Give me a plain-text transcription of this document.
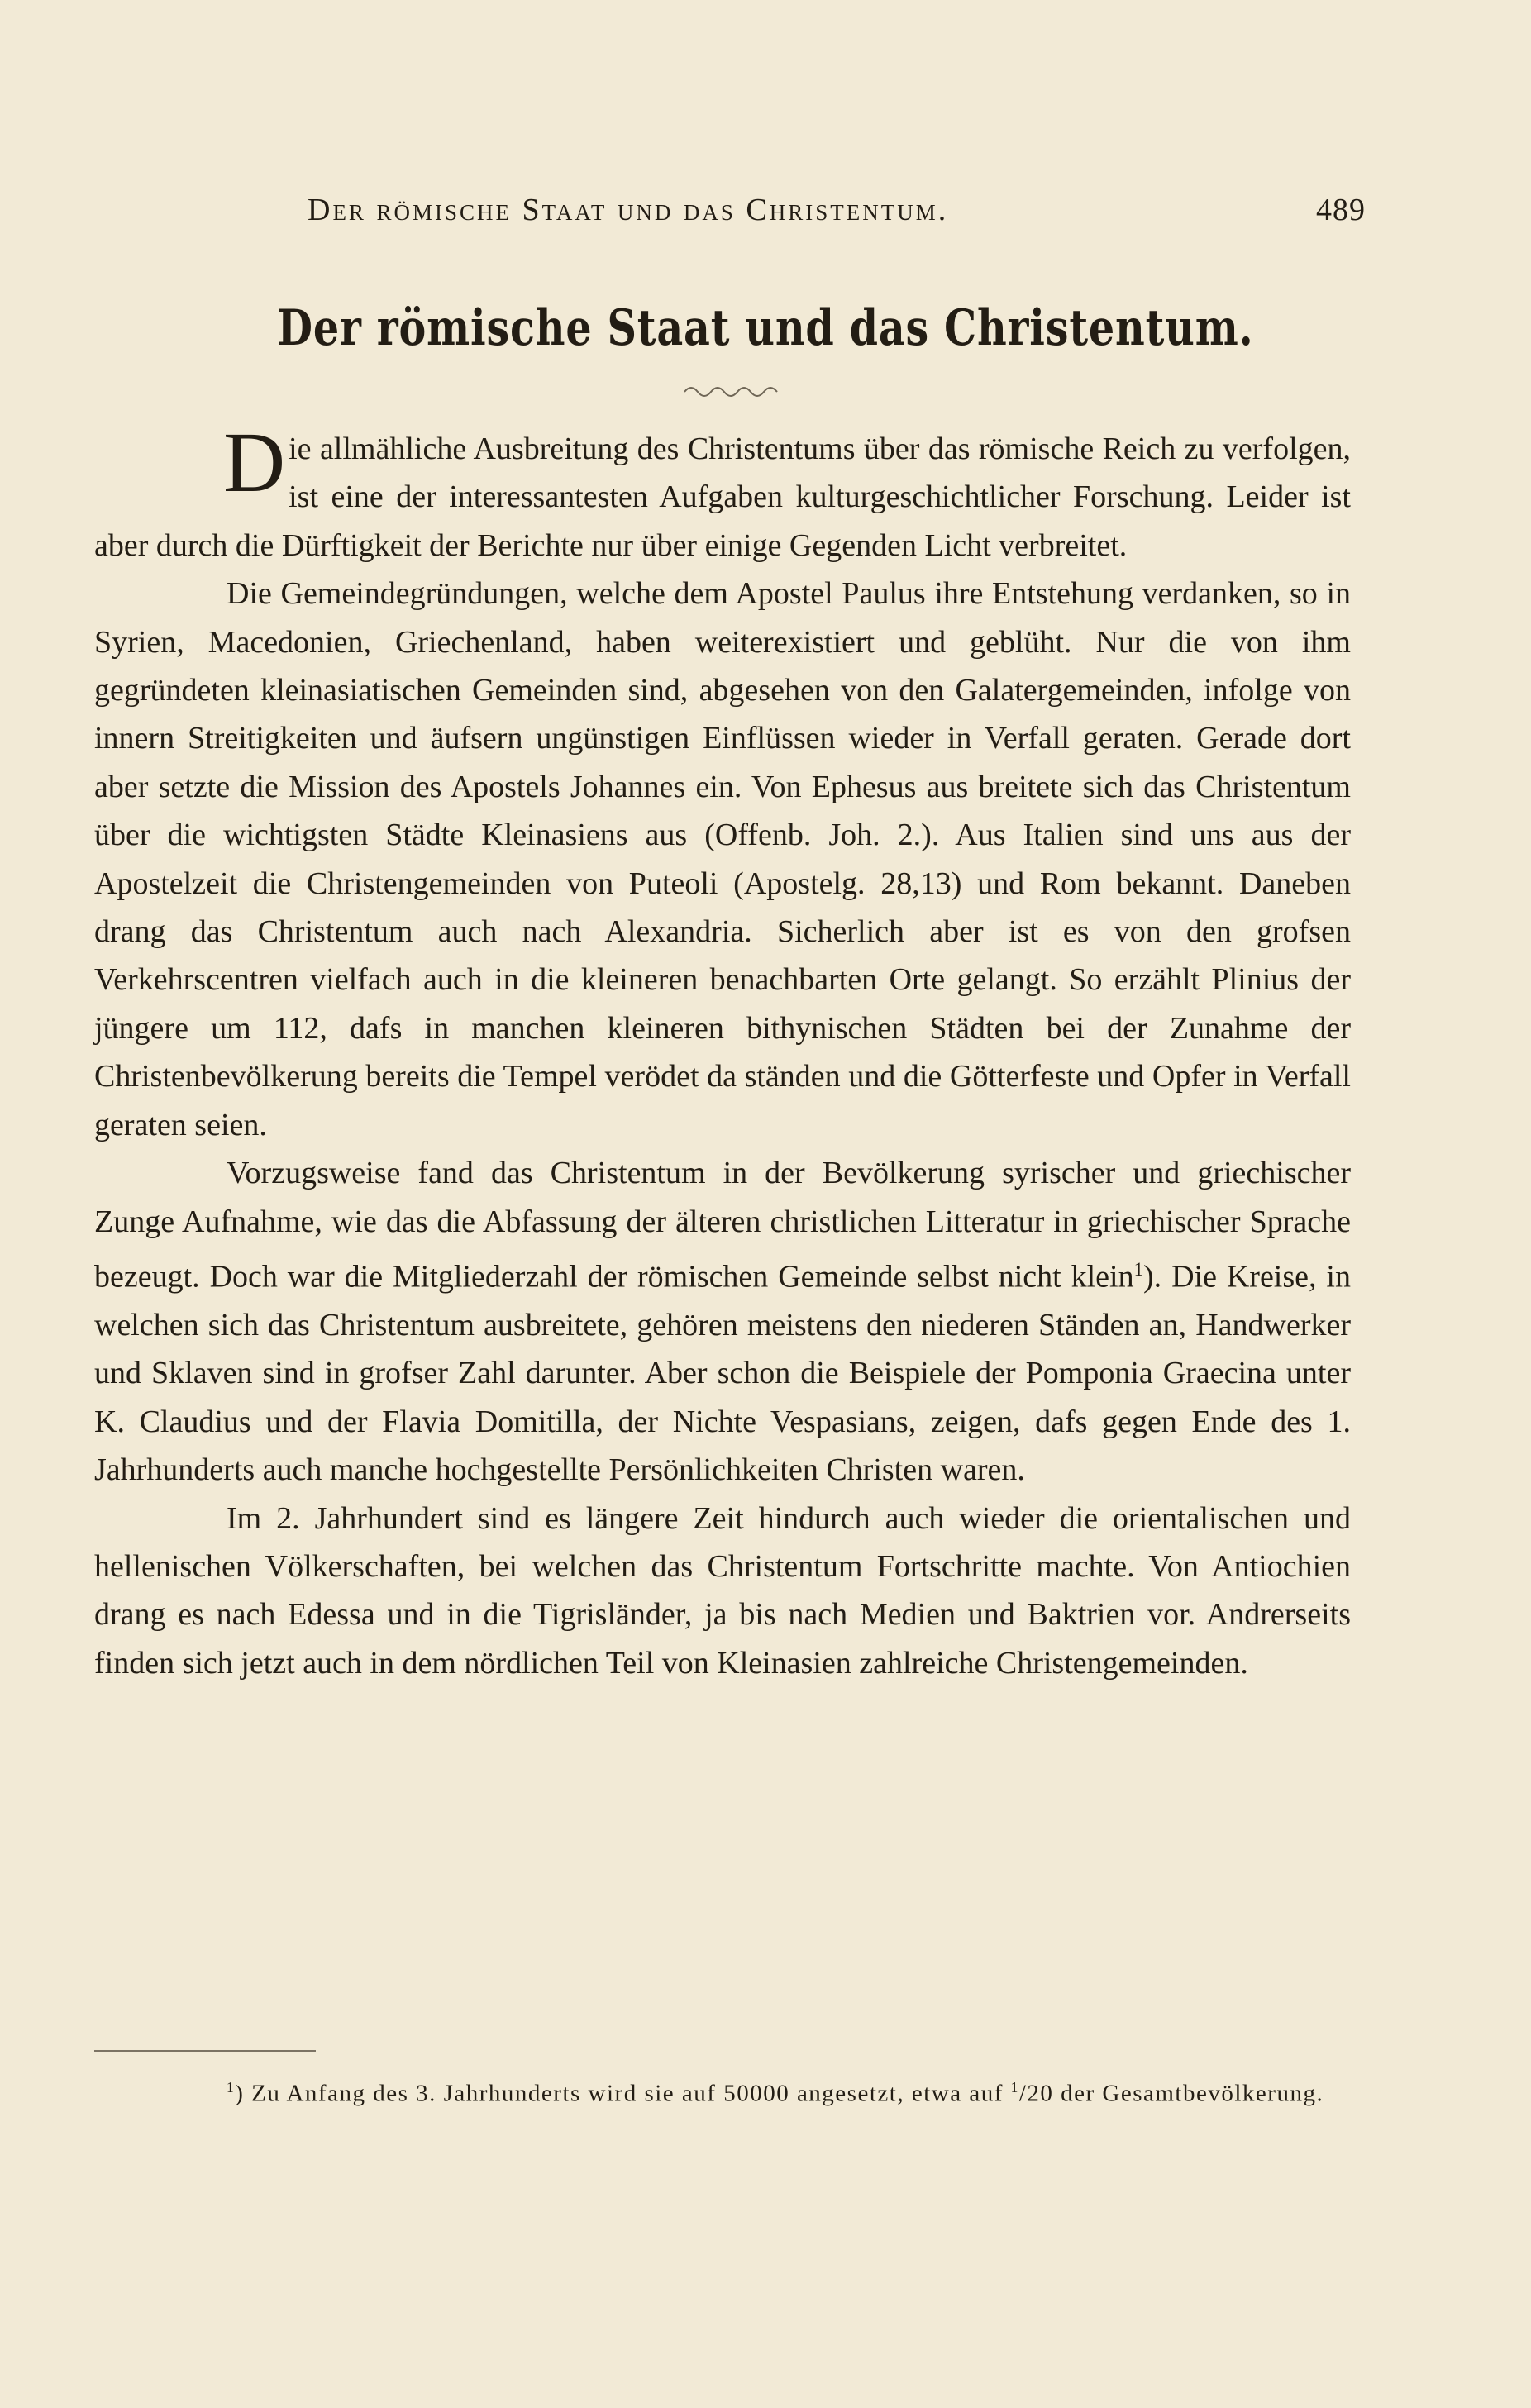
Der römische Staat und das Christentum.	489
Der römische Staat und das Christentum.

Die allmähliche Ausbreitung des Christentums über das römische Reich zu verfolgen, ist eine der interessantesten Aufgaben kulturgeschichtlicher Forschung. Leider ist aber durch die Dürftigkeit der Berichte nur über einige Gegenden Licht verbreitet.

Die Gemeindegründungen, welche dem Apostel Paulus ihre Entstehung verdanken, so in Syrien, Macedonien, Griechenland, haben weiterexistiert und geblüht. Nur die von ihm gegründeten kleinasiatischen Gemeinden sind, abgesehen von den Galatergemeinden, infolge von innern Streitigkeiten und äufsern ungünstigen Einflüssen wieder in Verfall geraten. Gerade dort aber setzte die Mission des Apostels Johannes ein. Von Ephesus aus breitete sich das Christentum über die wichtigsten Städte Kleinasiens aus (Offenb. Joh. 2.). Aus Italien sind uns aus der Apostelzeit die Christengemeinden von Puteoli (Apostelg. 28,13) und Rom bekannt. Daneben drang das Christentum auch nach Alexandria. Sicherlich aber ist es von den grofsen Verkehrscentren vielfach auch in die kleineren benachbarten Orte gelangt. So erzählt Plinius der jüngere um 112, dafs in manchen kleineren bithynischen Städten bei der Zunahme der Christenbevölkerung bereits die Tempel verödet da ständen und die Götterfeste und Opfer in Verfall geraten seien.

Vorzugsweise fand das Christentum in der Bevölkerung syrischer und griechischer Zunge Aufnahme, wie das die Abfassung der älteren christlichen Litteratur in griechischer Sprache bezeugt. Doch war die Mitgliederzahl der römischen Gemeinde selbst nicht klein$^1$). Die Kreise, in welchen sich das Christentum ausbreitete, gehören meistens den niederen Ständen an, Handwerker und Sklaven sind in grofser Zahl darunter. Aber schon die Beispiele der Pomponia Graecina unter K. Claudius und der Flavia Domitilla, der Nichte Vespasians, zeigen, dafs gegen Ende des 1. Jahrhunderts auch manche hochgestellte Persönlichkeiten Christen waren.

Im 2. Jahrhundert sind es längere Zeit hindurch auch wieder die orientalischen und hellenischen Völkerschaften, bei welchen das Christentum Fortschritte machte. Von Antiochien drang es nach Edessa und in die Tigrisländer, ja bis nach Medien und Baktrien vor. Andrerseits finden sich jetzt auch in dem nördlichen Teil von Kleinasien zahlreiche Christengemeinden.

$^1$) Zu Anfang des 3. Jahrhunderts wird sie auf 50000 angesetzt, etwa auf $^1$/20 der Gesamtbevölkerung.
